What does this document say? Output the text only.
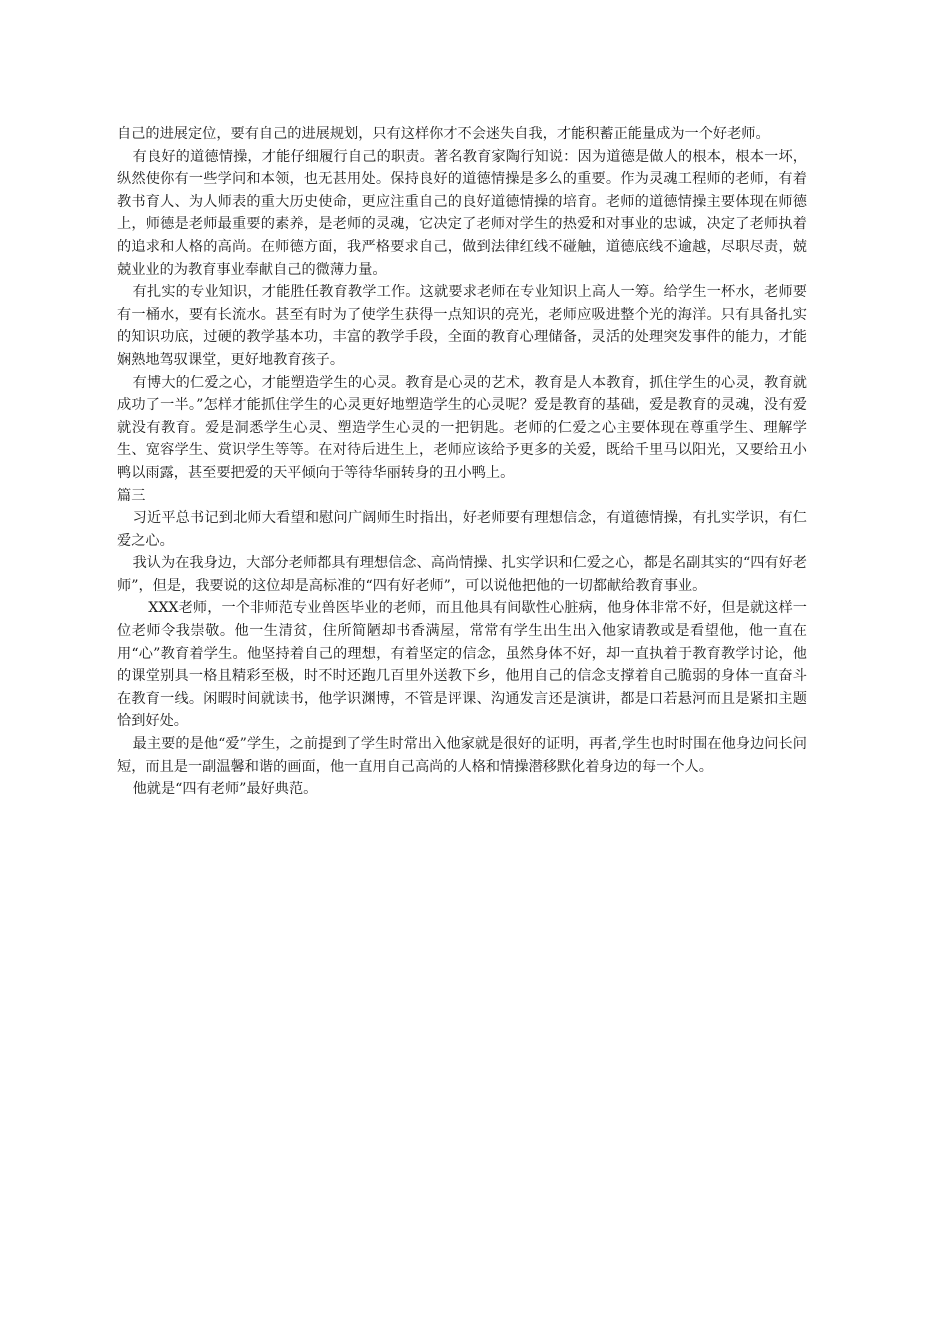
自己的进展定位，要有自己的进展规划，只有这样你才不会迷失自我，才能积蓄正能量成为一个好老师。

有良好的道德情操，才能仔细履行自己的职责。著名教育家陶行知说：因为道德是做人的根本，根本一坏，纵然使你有一些学问和本领，也无甚用处。保持良好的道德情操是多么的重要。作为灵魂工程师的老师，有着教书育人、为人师表的重大历史使命，更应注重自己的良好道德情操的培育。老师的道德情操主要体现在师德上，师德是老师最重要的素养，是老师的灵魂，它决定了老师对学生的热爱和对事业的忠诚，决定了老师执着的追求和人格的高尚。在师德方面，我严格要求自己，做到法律红线不碰触，道德底线不逾越，尽职尽责，兢兢业业的为教育事业奉献自己的微薄力量。

有扎实的专业知识，才能胜任教育教学工作。这就要求老师在专业知识上高人一筹。给学生一杯水，老师要有一桶水，要有长流水。甚至有时为了使学生获得一点知识的亮光，老师应吸进整个光的海洋。只有具备扎实的知识功底，过硬的教学基本功，丰富的教学手段，全面的教育心理储备，灵活的处理突发事件的能力，才能娴熟地驾驭课堂，更好地教育孩子。

有博大的仁爱之心，才能塑造学生的心灵。教育是心灵的艺术，教育是人本教育，抓住学生的心灵，教育就成功了一半。”怎样才能抓住学生的心灵更好地塑造学生的心灵呢？爱是教育的基础，爱是教育的灵魂，没有爱就没有教育。爱是洞悉学生心灵、塑造学生心灵的一把钥匙。老师的仁爱之心主要体现在尊重学生、理解学生、宽容学生、赏识学生等等。在对待后进生上，老师应该给予更多的关爱，既给千里马以阳光，又要给丑小鸭以雨露，甚至要把爱的天平倾向于等待华丽转身的丑小鸭上。

篇三

习近平总书记到北师大看望和慰问广阔师生时指出，好老师要有理想信念，有道德情操，有扎实学识，有仁爱之心。

我认为在我身边，大部分老师都具有理想信念、高尚情操、扎实学识和仁爱之心，都是名副其实的“四有好老师”，但是，我要说的这位却是高标准的“四有好老师”，可以说他把他的一切都献给教育事业。

XXX老师，一个非师范专业兽医毕业的老师，而且他具有间歇性心脏病，他身体非常不好，但是就这样一位老师令我崇敬。他一生清贫，住所简陋却书香满屋，常常有学生出生出入他家请教或是看望他，他一直在用“心”教育着学生。他坚持着自己的理想，有着坚定的信念，虽然身体不好，却一直执着于教育教学讨论，他的课堂别具一格且精彩至极，时不时还跑几百里外送教下乡，他用自己的信念支撑着自己脆弱的身体一直奋斗在教育一线。闲暇时间就读书，他学识渊博，不管是评课、沟通发言还是演讲，都是口若悬河而且是紧扣主题恰到好处。

最主要的是他“爱”学生，之前提到了学生时常出入他家就是很好的证明，再者,学生也时时围在他身边问长问短，而且是一副温馨和谐的画面，他一直用自己高尚的人格和情操潜移默化着身边的每一个人。

他就是“四有老师”最好典范。
